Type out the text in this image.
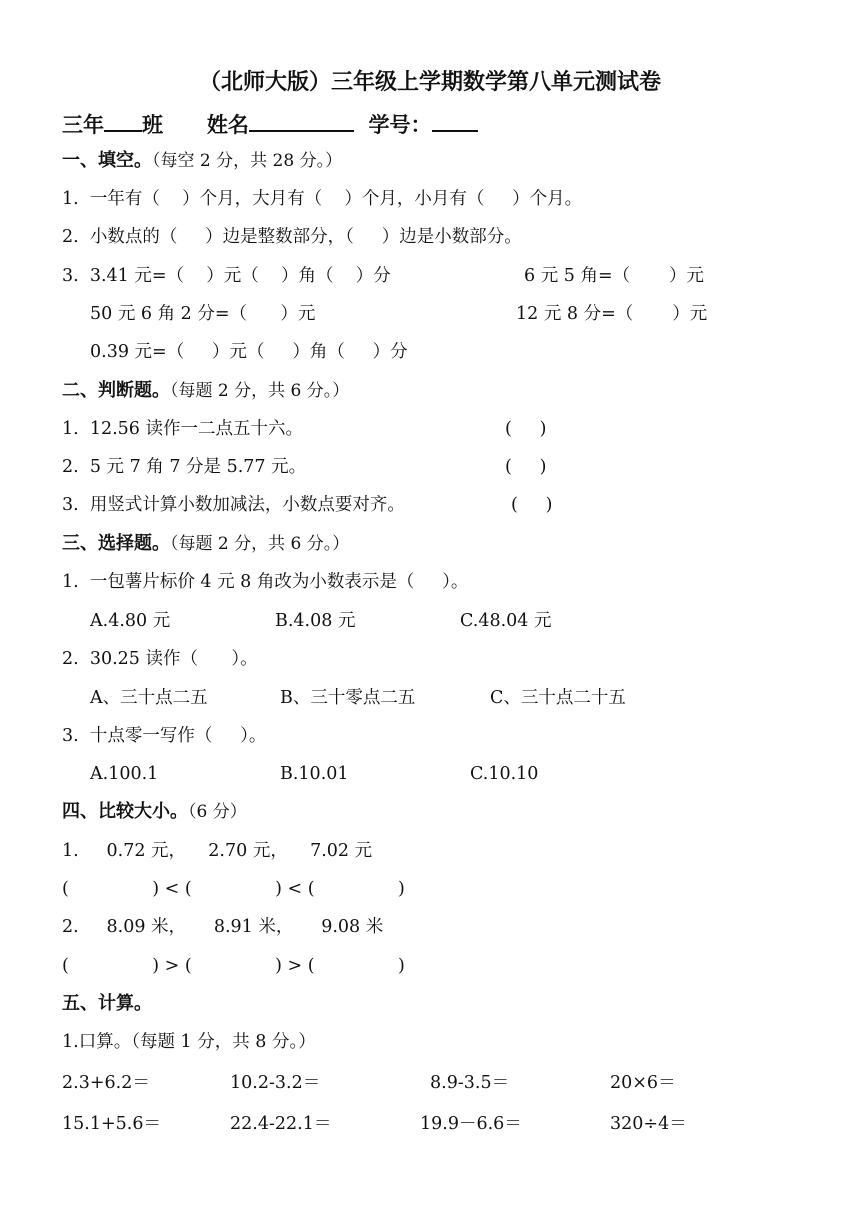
（北师大版）三年级上学期数学第八单元测试卷
三年 班 姓名	学号：
一、填空。（每空 2 分，共 28 分。）
1.  一年有（    ）个月，大月有（    ）个月，小月有（     ）个月。
2.  小数点的（     ）边是整数部分，（     ）边是小数部分。
3.  3.41 元=（    ）元（    ）角（    ）分	6 元 5 角=（       ）元
50 元 6 角 2 分=（      ）元	12 元 8 分=（       ）元
0.39 元=（     ）元（     ）角（     ）分
二、判断题。（每题 2 分，共 6 分。）
1.  12.56 读作一二点五十六。	(     )
2.  5 元 7 角 7 分是 5.77 元。	(     )
3.  用竖式计算小数加减法，小数点要对齐。	(     )
三、选择题。（每题 2 分，共 6 分。）
1.  一包薯片标价 4 元 8 角改为小数表示是（     ）。
A.4.80 元	B.4.08 元	C.48.04 元
2.  30.25 读作（      ）。
A、三十点二五	B、三十零点二五	C、三十点二十五
3.  十点零一写作（     ）。
A.100.1	B.10.01	C.10.10
四、比较大小。（6 分）
1.     0.72 元，    2.70 元，    7.02 元
(               ) < (               ) < (               )
2.     8.09 米，     8.91 米，     9.08 米
(               ) > (               ) > (               )
五、计算。
1.口算。（每题 1 分，共 8 分。）
2.3+6.2＝	10.2-3.2＝	8.9-3.5＝	20×6＝
15.1+5.6＝	22.4-22.1＝	19.9－6.6＝	320÷4＝
